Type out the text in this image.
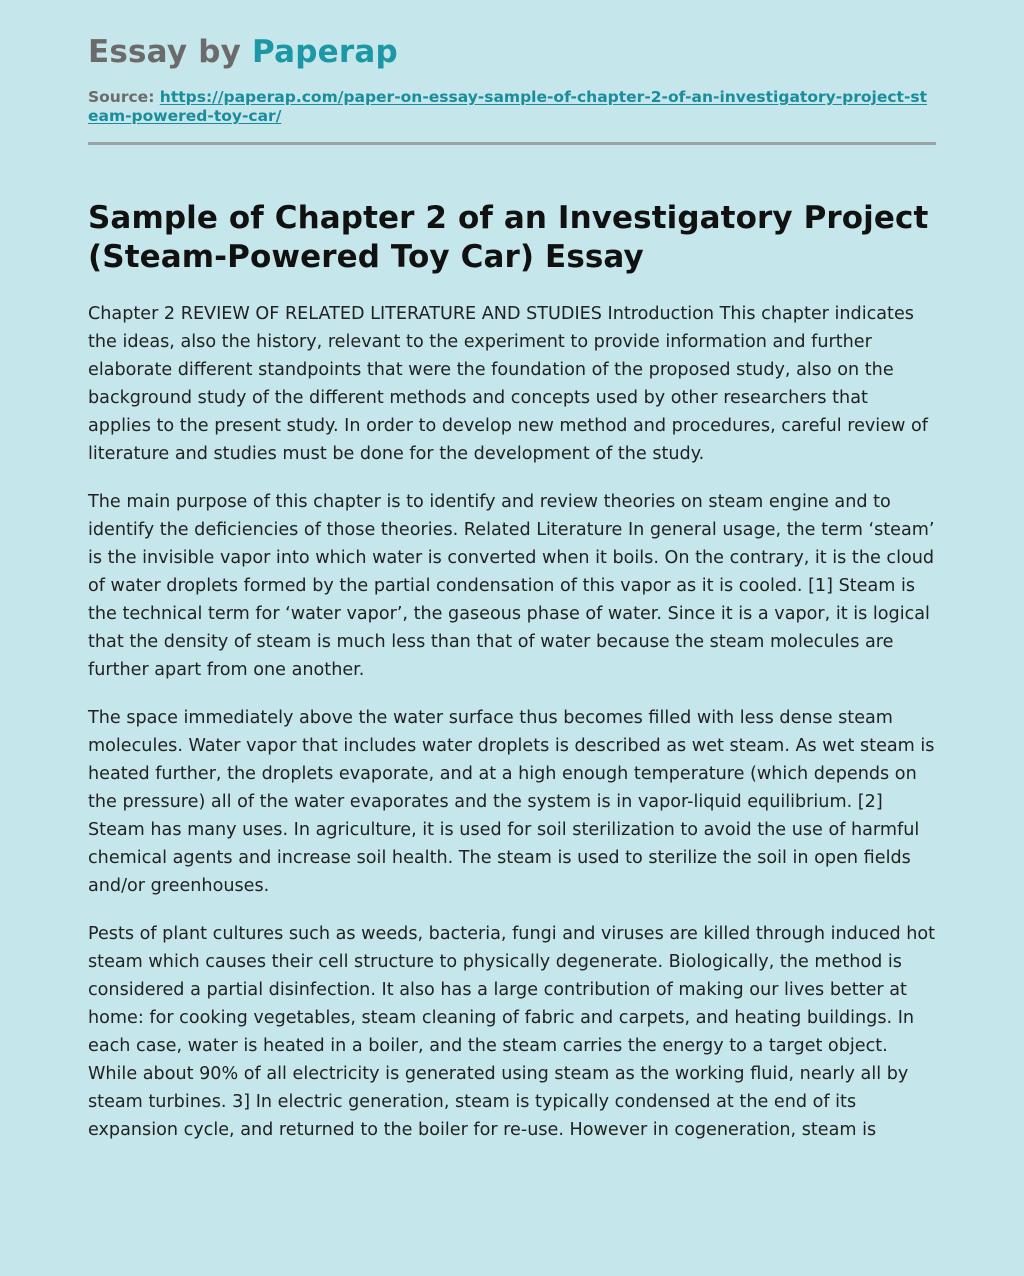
Essay by Paperap
Source: https://paperap.com/paper-on-essay-sample-of-chapter-2-of-an-investigatory-project-steam-powered-toy-car/
Sample of Chapter 2 of an Investigatory Project (Steam-Powered Toy Car) Essay

Chapter 2 REVIEW OF RELATED LITERATURE AND STUDIES Introduction This chapter indicates the ideas, also the history, relevant to the experiment to provide information and further elaborate different standpoints that were the foundation of the proposed study, also on the background study of the different methods and concepts used by other researchers that applies to the present study. In order to develop new method and procedures, careful review of literature and studies must be done for the development of the study.

The main purpose of this chapter is to identify and review theories on steam engine and to identify the deficiencies of those theories. Related Literature In general usage, the term ‘steam’ is the invisible vapor into which water is converted when it boils. On the contrary, it is the cloud of water droplets formed by the partial condensation of this vapor as it is cooled. [1] Steam is the technical term for ‘water vapor’, the gaseous phase of water. Since it is a vapor, it is logical that the density of steam is much less than that of water because the steam molecules are further apart from one another.

The space immediately above the water surface thus becomes filled with less dense steam molecules. Water vapor that includes water droplets is described as wet steam. As wet steam is heated further, the droplets evaporate, and at a high enough temperature (which depends on the pressure) all of the water evaporates and the system is in vapor-liquid equilibrium. [2] Steam has many uses. In agriculture, it is used for soil sterilization to avoid the use of harmful chemical agents and increase soil health. The steam is used to sterilize the soil in open fields and/or greenhouses.

Pests of plant cultures such as weeds, bacteria, fungi and viruses are killed through induced hot steam which causes their cell structure to physically degenerate. Biologically, the method is considered a partial disinfection. It also has a large contribution of making our lives better at home: for cooking vegetables, steam cleaning of fabric and carpets, and heating buildings. In each case, water is heated in a boiler, and the steam carries the energy to a target object. While about 90% of all electricity is generated using steam as the working fluid, nearly all by steam turbines. 3] In electric generation, steam is typically condensed at the end of its expansion cycle, and returned to the boiler for re-use. However in cogeneration, steam is
